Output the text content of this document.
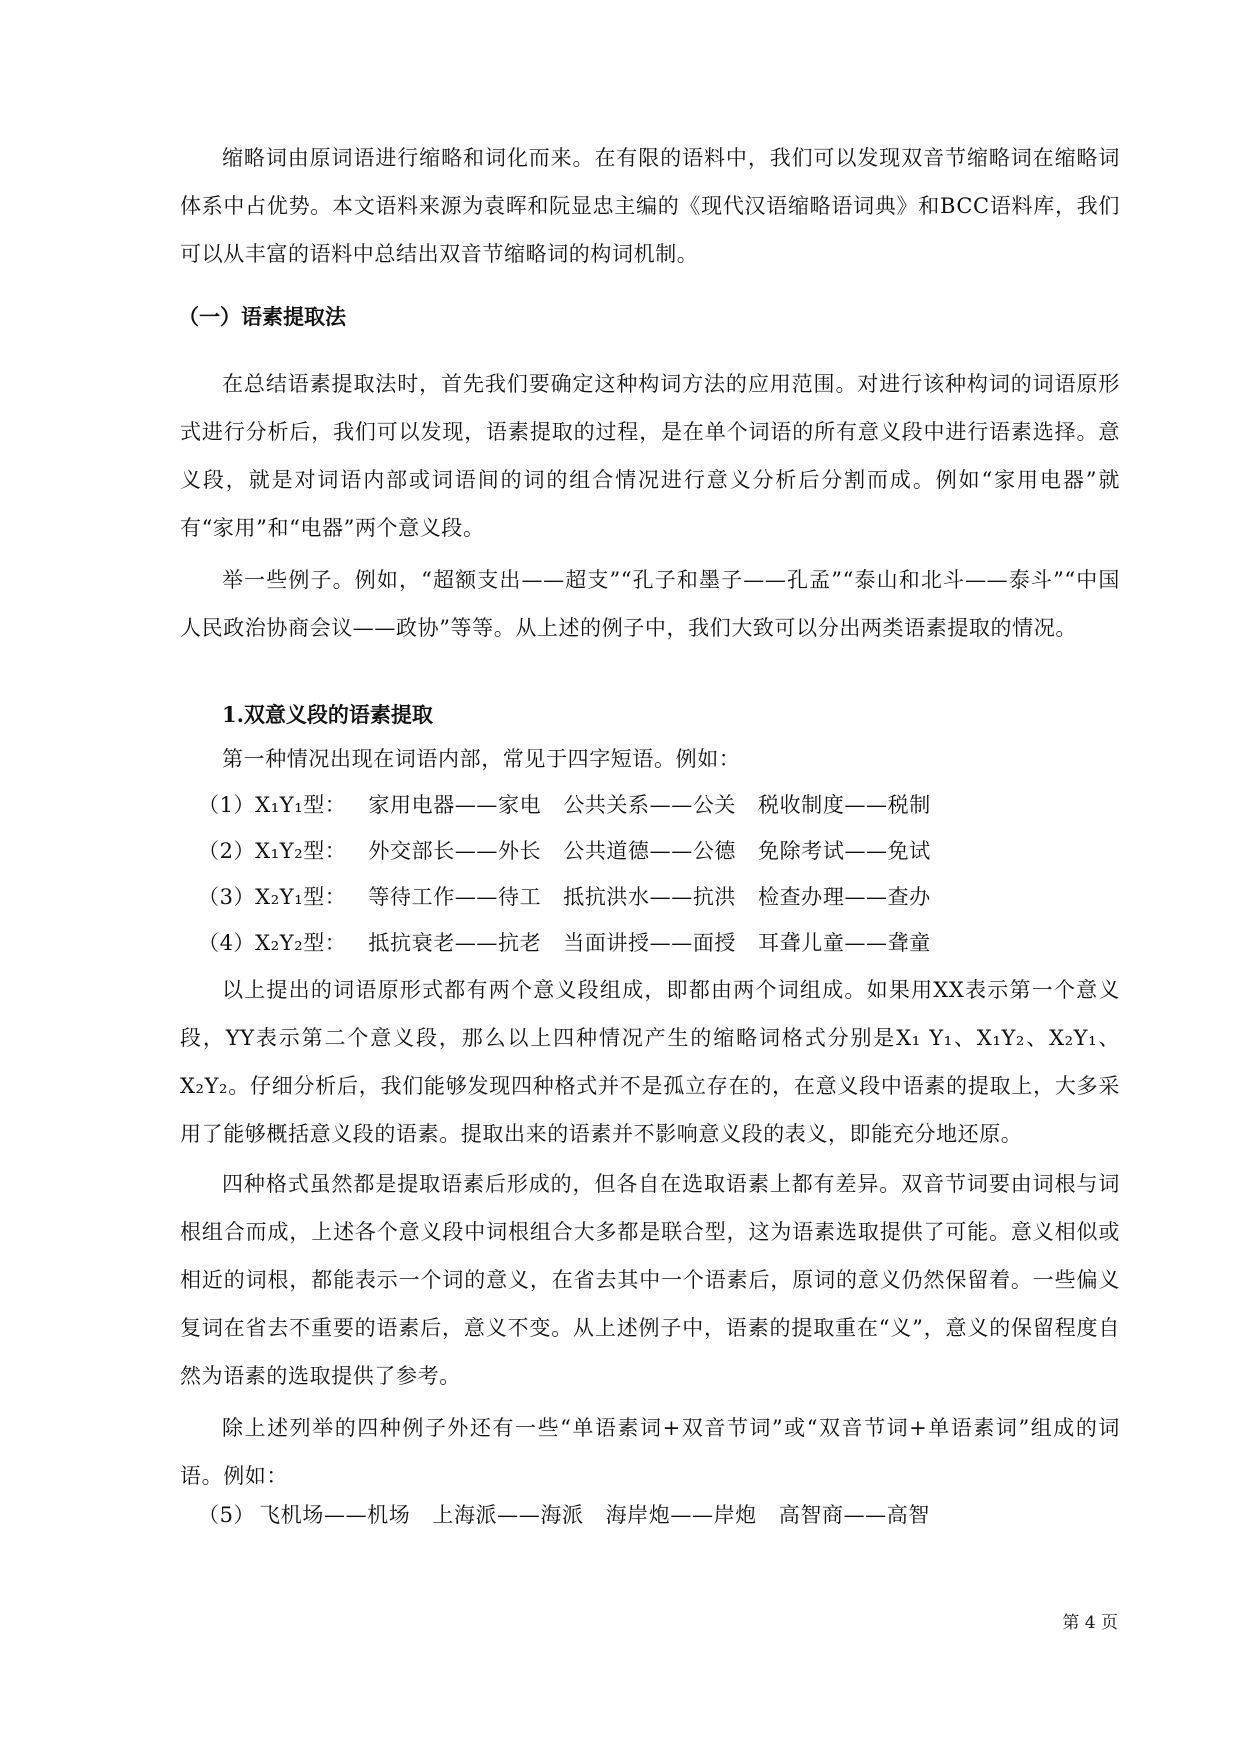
缩略词由原词语进行缩略和词化而来。在有限的语料中，我们可以发现双音节缩略词在缩略词体系中占优势。本文语料来源为袁晖和阮显忠主编的《现代汉语缩略语词典》和BCC语料库，我们可以从丰富的语料中总结出双音节缩略词的构词机制。

（一）语素提取法

在总结语素提取法时，首先我们要确定这种构词方法的应用范围。对进行该种构词的词语原形式进行分析后，我们可以发现，语素提取的过程，是在单个词语的所有意义段中进行语素选择。意义段，就是对词语内部或词语间的词的组合情况进行意义分析后分割而成。例如“家用电器”就有“家用”和“电器”两个意义段。

举一些例子。例如，“超额支出——超支”“孔子和墨子——孔孟”“泰山和北斗——泰斗”“中国人民政治协商会议——政协”等等。从上述的例子中，我们大致可以分出两类语素提取的情况。

1.双意义段的语素提取

第一种情况出现在词语内部，常见于四字短语。例如：

（1）X₁Y₁型： 家用电器——家电 公共关系——公关 税收制度——税制
（2）X₁Y₂型： 外交部长——外长 公共道德——公德 免除考试——免试
（3）X₂Y₁型： 等待工作——待工 抵抗洪水——抗洪 检查办理——查办
（4）X₂Y₂型： 抵抗衰老——抗老 当面讲授——面授 耳聋儿童——聋童

以上提出的词语原形式都有两个意义段组成，即都由两个词组成。如果用XX表示第一个意义段，YY表示第二个意义段，那么以上四种情况产生的缩略词格式分别是X₁ Y₁、X₁Y₂、X₂Y₁、X₂Y₂。仔细分析后，我们能够发现四种格式并不是孤立存在的，在意义段中语素的提取上，大多采用了能够概括意义段的语素。提取出来的语素并不影响意义段的表义，即能充分地还原。

四种格式虽然都是提取语素后形成的，但各自在选取语素上都有差异。双音节词要由词根与词根组合而成，上述各个意义段中词根组合大多都是联合型，这为语素选取提供了可能。意义相似或相近的词根，都能表示一个词的意义，在省去其中一个语素后，原词的意义仍然保留着。一些偏义复词在省去不重要的语素后，意义不变。从上述例子中，语素的提取重在“义”，意义的保留程度自然为语素的选取提供了参考。

除上述列举的四种例子外还有一些“单语素词+双音节词”或“双音节词+单语素词”组成的词语。例如：

（5） 飞机场——机场 上海派——海派 海岸炮——岸炮 高智商——高智
第 4 页
